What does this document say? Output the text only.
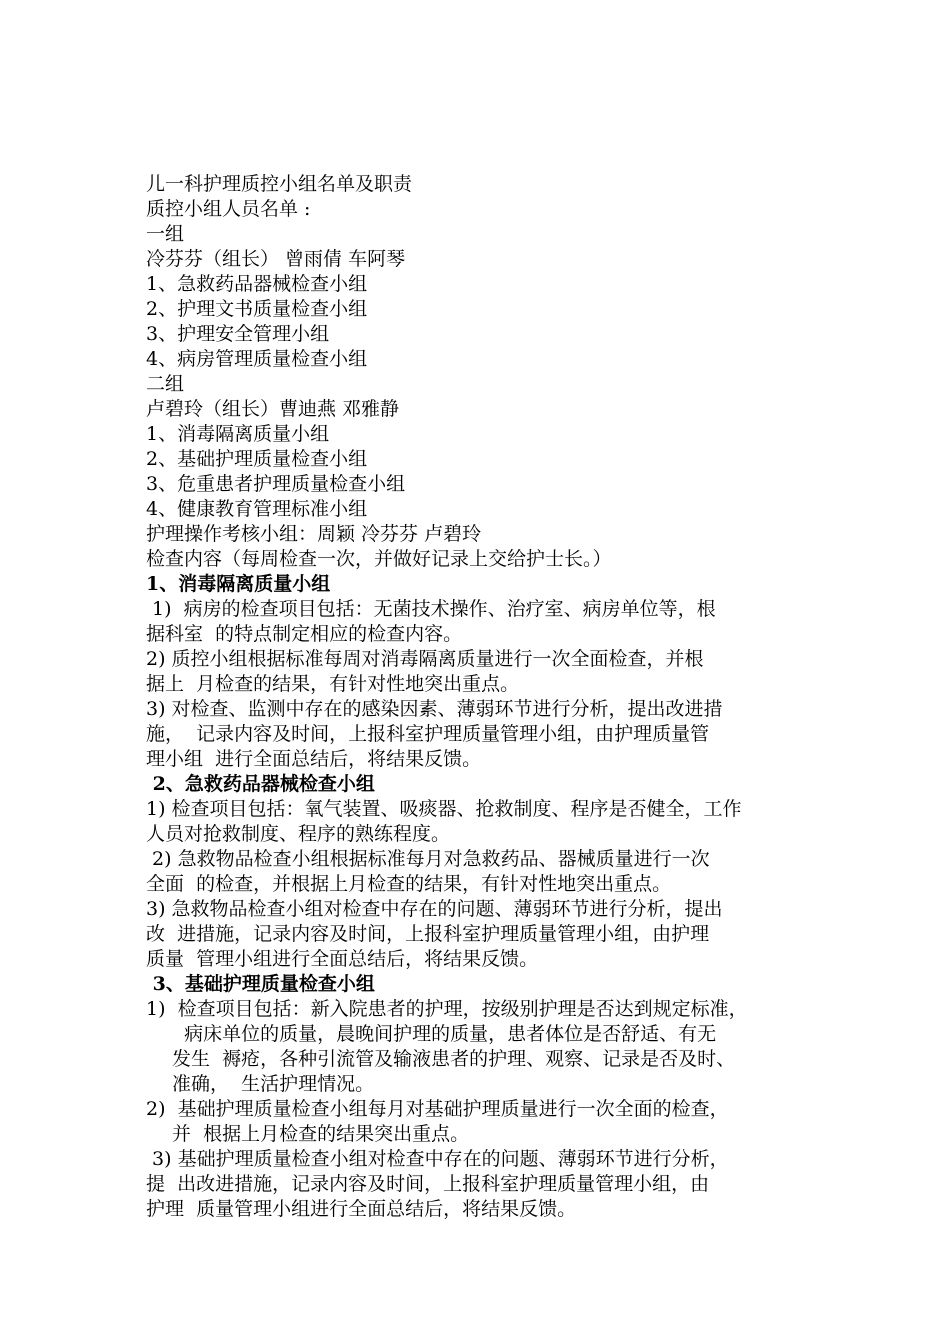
儿一科护理质控小组名单及职责
质控小组人员名单 :
一组
冷芬芬（组长） 曾雨倩 车阿琴
1、急救药品器械检查小组
2、护理文书质量检查小组
3、护理安全管理小组
4、病房管理质量检查小组
二组
卢碧玲（组长）曹迪燕 邓雅静
1、消毒隔离质量小组
2、基础护理质量检查小组
3、危重患者护理质量检查小组
4、健康教育管理标准小组
护理操作考核小组：周颖 冷芬芬 卢碧玲
检查内容（每周检查一次，并做好记录上交给护士长。）
1、消毒隔离质量小组
1)  病房的检查项目包括：无菌技术操作、治疗室、病房单位等，根
据科室  的特点制定相应的检查内容。
2) 质控小组根据标准每周对消毒隔离质量进行一次全面检查，并根
据上  月检查的结果，有针对性地突出重点。
3) 对检查、监测中存在的感染因素、薄弱环节进行分析，提出改进措
施，  记录内容及时间，上报科室护理质量管理小组，由护理质量管
理小组  进行全面总结后，将结果反馈。
2、急救药品器械检查小组
1) 检查项目包括：氧气装置、吸痰器、抢救制度、程序是否健全，工作
人员对抢救制度、程序的熟练程度。
2) 急救物品检查小组根据标准每月对急救药品、器械质量进行一次
全面  的检查，并根据上月检查的结果，有针对性地突出重点。
3) 急救物品检查小组对检查中存在的问题、薄弱环节进行分析，提出
改  进措施，记录内容及时间，上报科室护理质量管理小组，由护理
质量  管理小组进行全面总结后，将结果反馈。
3、基础护理质量检查小组
1)  检查项目包括：新入院患者的护理，按级别护理是否达到规定标准，
病床单位的质量，晨晚间护理的质量，患者体位是否舒适、有无
发生  褥疮，各种引流管及输液患者的护理、观察、记录是否及时、
准确，  生活护理情况。
2)  基础护理质量检查小组每月对基础护理质量进行一次全面的检查，
并  根据上月检查的结果突出重点。
3) 基础护理质量检查小组对检查中存在的问题、薄弱环节进行分析，
提  出改进措施，记录内容及时间，上报科室护理质量管理小组，由
护理  质量管理小组进行全面总结后，将结果反馈。
